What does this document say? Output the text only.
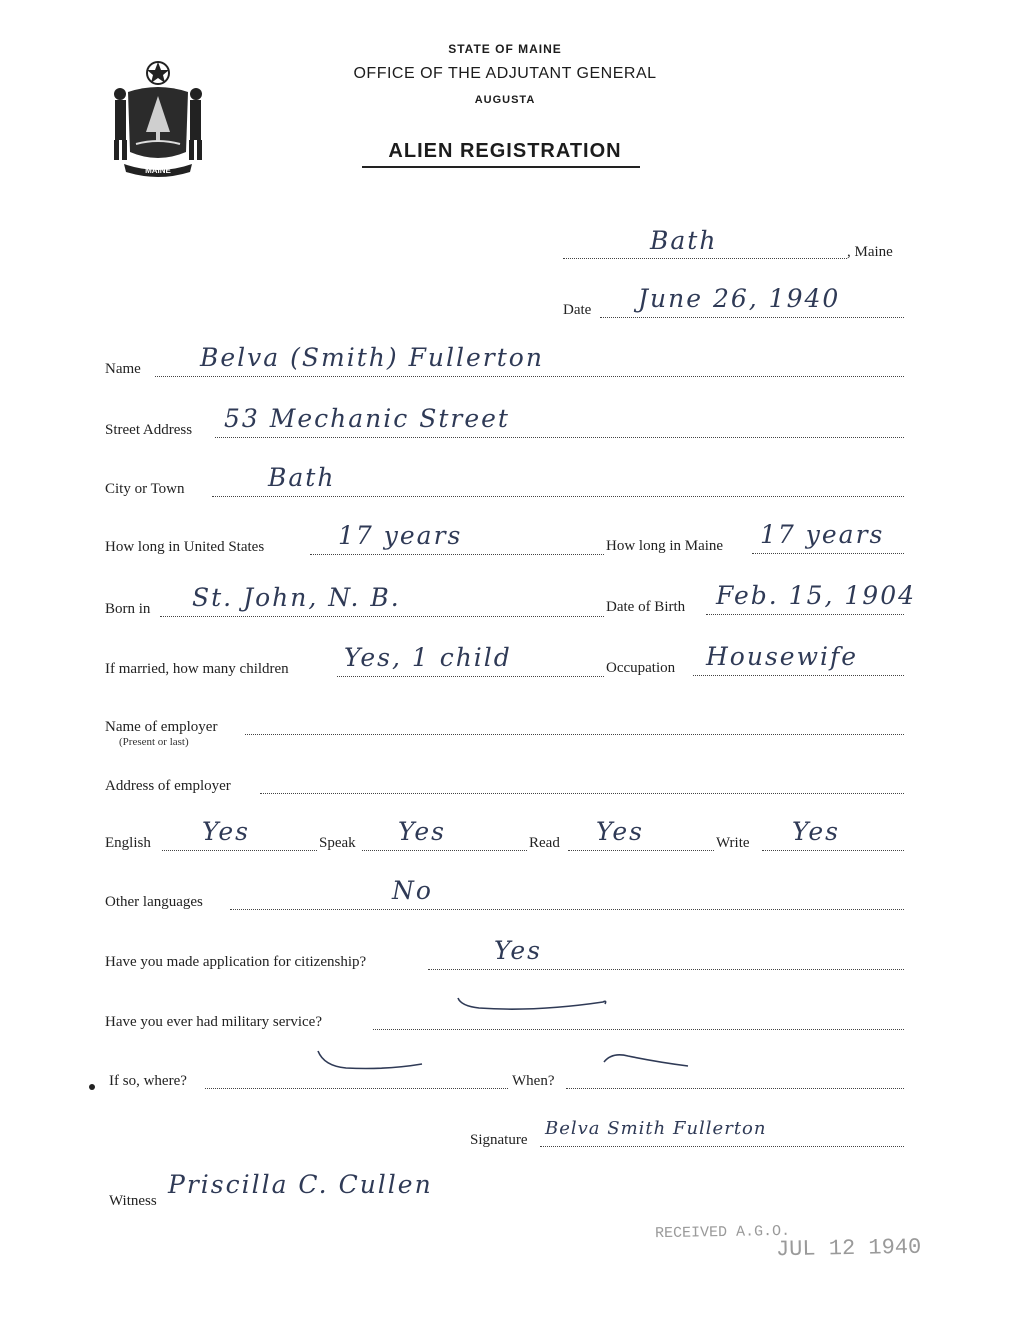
MAINE
STATE OF MAINE
OFFICE OF THE ADJUTANT GENERAL
AUGUSTA
ALIEN REGISTRATION
Bath	, Maine
Date June 26, 1940
Name Belva (Smith) Fullerton
Street Address 53 Mechanic Street
City or Town	Bath
How long in United States	17 years	How long in Maine 17 years
Born in St. John, N. B.	Date of Birth Feb. 15, 1904
If married, how many children Yes, 1 child	Occupation Housewife
Name of employer
(Present or last)
Address of employer
English Yes	Speak Yes	Read Yes	Write Yes
Other languages	No
Have you made application for citizenship?	Yes
Have you ever had military service?
If so, where?	When?
Signature
Belva Smith Fullerton
Witness
Priscilla C. Cullen
RECEIVED A.G.O.
JUL 12 1940
